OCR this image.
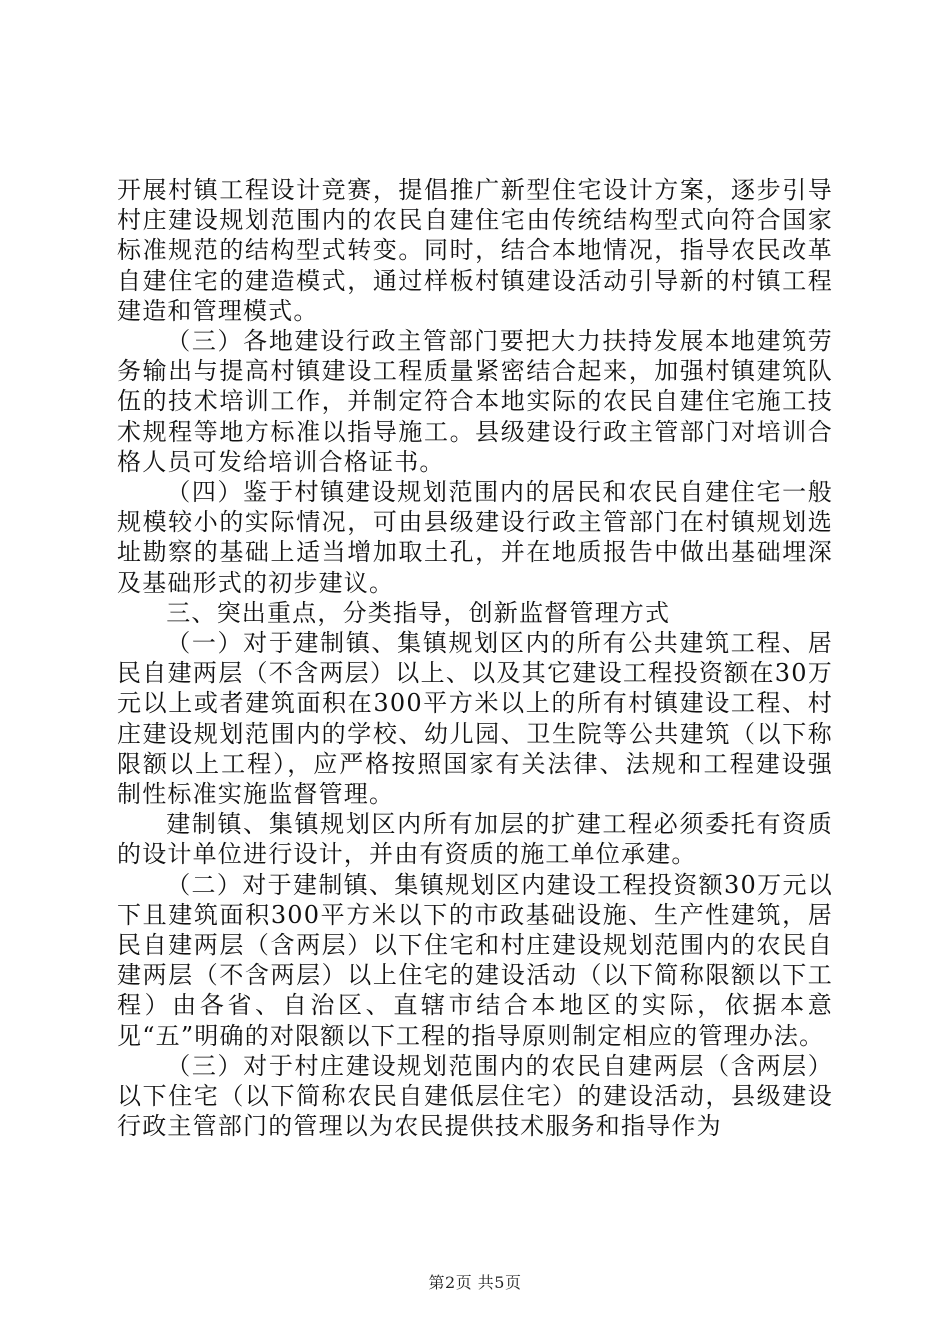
开展村镇工程设计竞赛，提倡推广新型住宅设计方案，逐步引导村庄建设规划范围内的农民自建住宅由传统结构型式向符合国家标准规范的结构型式转变。同时，结合本地情况，指导农民改革自建住宅的建造模式，通过样板村镇建设活动引导新的村镇工程建造和管理模式。

（三）各地建设行政主管部门要把大力扶持发展本地建筑劳务输出与提高村镇建设工程质量紧密结合起来，加强村镇建筑队伍的技术培训工作，并制定符合本地实际的农民自建住宅施工技术规程等地方标准以指导施工。县级建设行政主管部门对培训合格人员可发给培训合格证书。

（四）鉴于村镇建设规划范围内的居民和农民自建住宅一般规模较小的实际情况，可由县级建设行政主管部门在村镇规划选址勘察的基础上适当增加取土孔，并在地质报告中做出基础埋深及基础形式的初步建议。

三、突出重点，分类指导，创新监督管理方式

（一）对于建制镇、集镇规划区内的所有公共建筑工程、居民自建两层（不含两层）以上、以及其它建设工程投资额在30万元以上或者建筑面积在300平方米以上的所有村镇建设工程、村庄建设规划范围内的学校、幼儿园、卫生院等公共建筑（以下称限额以上工程），应严格按照国家有关法律、法规和工程建设强制性标准实施监督管理。

建制镇、集镇规划区内所有加层的扩建工程必须委托有资质的设计单位进行设计，并由有资质的施工单位承建。

（二）对于建制镇、集镇规划区内建设工程投资额30万元以下且建筑面积300平方米以下的市政基础设施、生产性建筑，居民自建两层（含两层）以下住宅和村庄建设规划范围内的农民自建两层（不含两层）以上住宅的建设活动（以下简称限额以下工程）由各省、自治区、直辖市结合本地区的实际，依据本意见“五”明确的对限额以下工程的指导原则制定相应的管理办法。

（三）对于村庄建设规划范围内的农民自建两层（含两层）以下住宅（以下简称农民自建低层住宅）的建设活动，县级建设行政主管部门的管理以为农民提供技术服务和指导作为

第2页 共5页
